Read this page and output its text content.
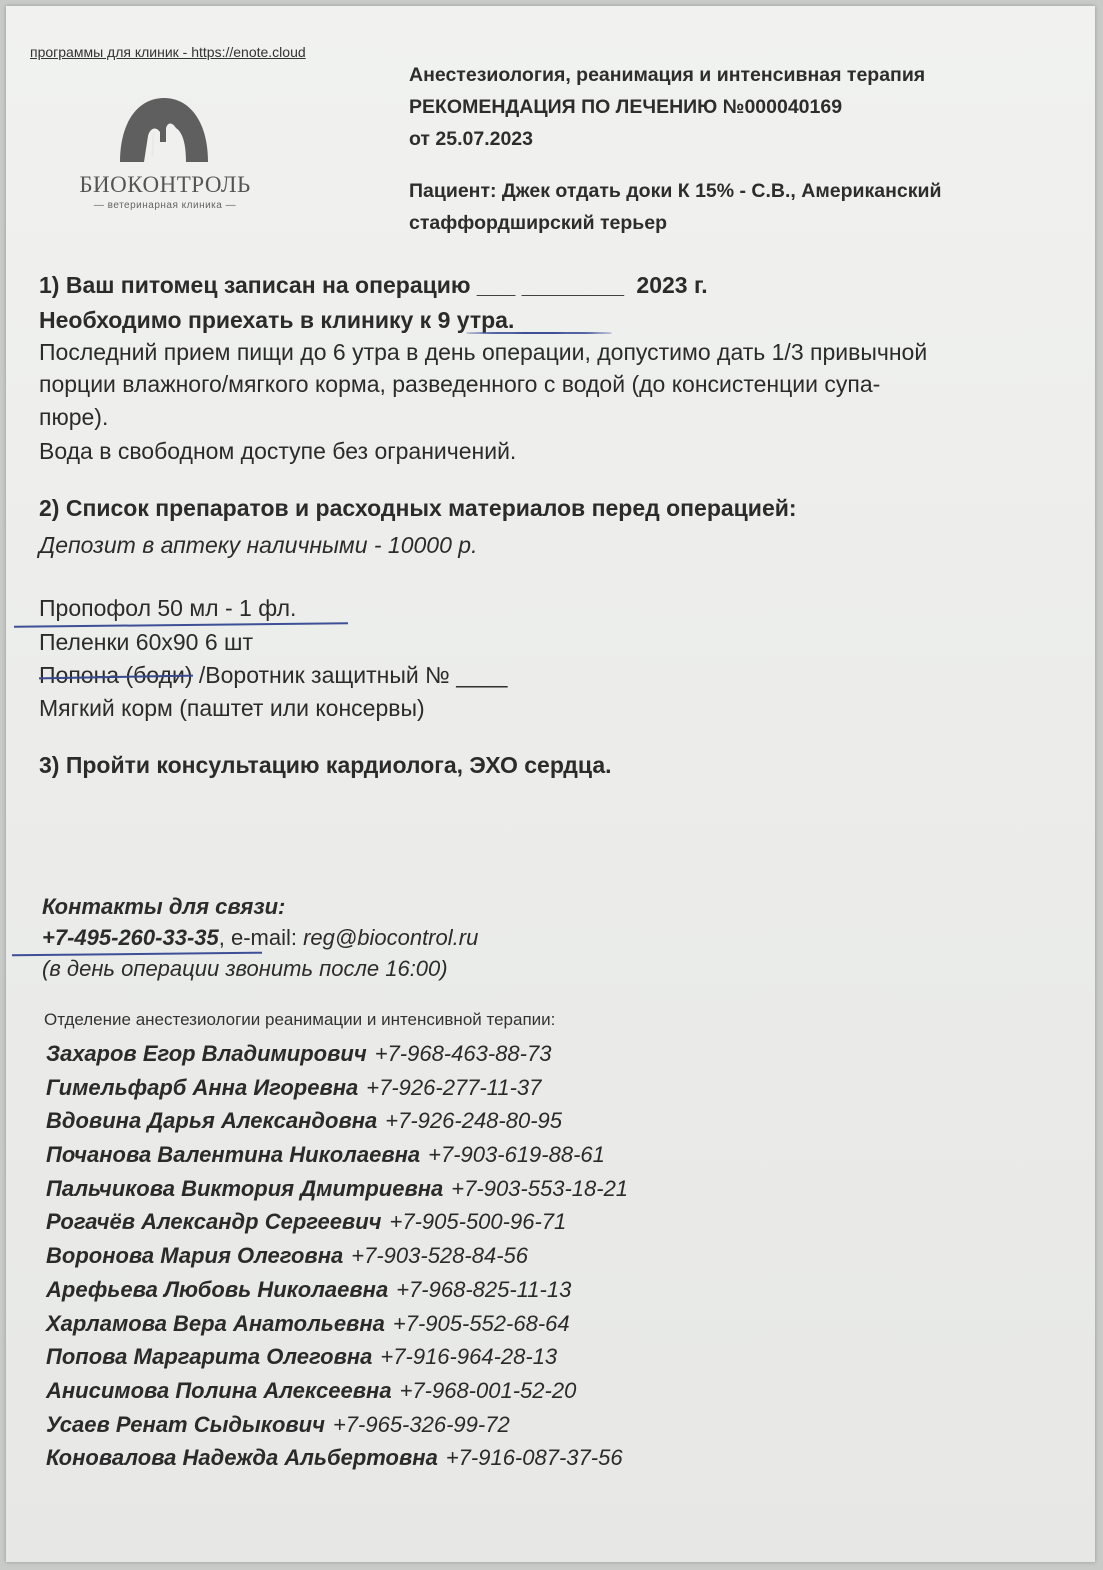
программы для клиник - https://enote.cloud
БИОКОНТРОЛЬ
— ветеринарная клиника —
Анестезиология, реанимация и интенсивная терапия
РЕКОМЕНДАЦИЯ ПО ЛЕЧЕНИЮ №000040169
от 25.07.2023
Пациент: Джек отдать доки К 15% - С.В., Американский
стаффордширский терьер
1) Ваш питомец записан на операцию ___ ________ 2023 г.
Необходимо приехать в клинику к 9 утра.
Последний прием пищи до 6 утра в день операции, допустимо дать 1/3 привычной
порции влажного/мягкого корма, разведенного с водой (до консистенции супа-
пюре).
Вода в свободном доступе без ограничений.
2) Список препаратов и расходных материалов перед операцией:
Депозит в аптеку наличными - 10000 р.
Пропофол 50 мл - 1 фл.
Пеленки 60х90 6 шт
Попона (боди) /Воротник защитный № ____
Мягкий корм (паштет или консервы)
3) Пройти консультацию кардиолога, ЭХО сердца.
Контакты для связи:
+7-495-260-33-35, e-mail: reg@biocontrol.ru
(в день операции звонить после 16:00)
Отделение анестезиологии реанимации и интенсивной терапии:
Захаров Егор Владимирович +7-968-463-88-73
Гимельфарб Анна Игоревна +7-926-277-11-37
Вдовина Дарья Александовна +7-926-248-80-95
Почанова Валентина Николаевна +7-903-619-88-61
Пальчикова Виктория Дмитриевна +7-903-553-18-21
Рогачёв Александр Сергеевич +7-905-500-96-71
Воронова Мария Олеговна +7-903-528-84-56
Арефьева Любовь Николаевна +7-968-825-11-13
Харламова Вера Анатольевна +7-905-552-68-64
Попова Маргарита Олеговна +7-916-964-28-13
Анисимова Полина Алексеевна +7-968-001-52-20
Усаев Ренат Сыдыкович +7-965-326-99-72
Коновалова Надежда Альбертовна +7-916-087-37-56
